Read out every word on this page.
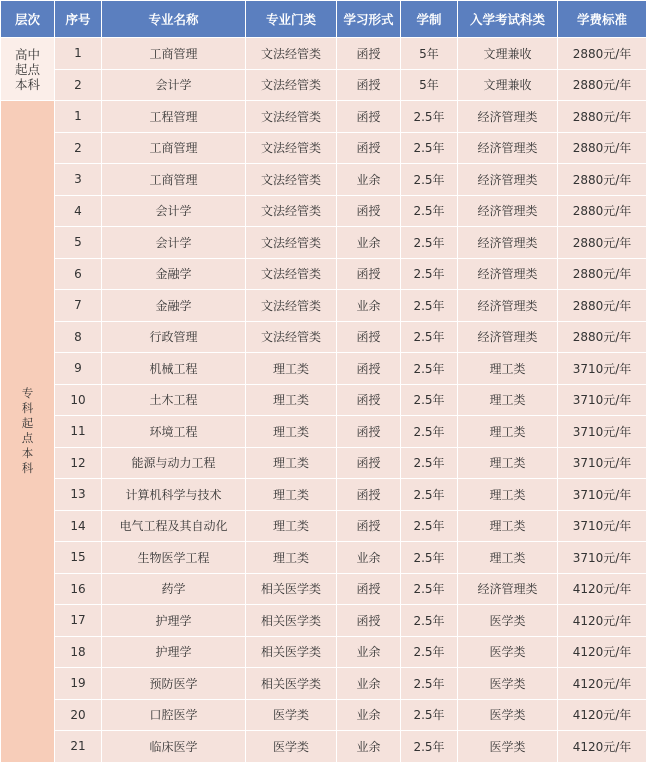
层次	序号	专业名称	专业门类	学习形式	学制	入学考试科类	学费标准
高中起点本科	1	工商管理	文法经管类	函授	5年	文理兼收	2880元/年
	2	会计学	文法经管类	函授	5年	文理兼收	2880元/年
专科起点本科	1	工程管理	文法经管类	函授	2.5年	经济管理类	2880元/年
	2	工商管理	文法经管类	函授	2.5年	经济管理类	2880元/年
	3	工商管理	文法经管类	业余	2.5年	经济管理类	2880元/年
	4	会计学	文法经管类	函授	2.5年	经济管理类	2880元/年
	5	会计学	文法经管类	业余	2.5年	经济管理类	2880元/年
	6	金融学	文法经管类	函授	2.5年	经济管理类	2880元/年
	7	金融学	文法经管类	业余	2.5年	经济管理类	2880元/年
	8	行政管理	文法经管类	函授	2.5年	经济管理类	2880元/年
	9	机械工程	理工类	函授	2.5年	理工类	3710元/年
	10	土木工程	理工类	函授	2.5年	理工类	3710元/年
	11	环境工程	理工类	函授	2.5年	理工类	3710元/年
	12	能源与动力工程	理工类	函授	2.5年	理工类	3710元/年
	13	计算机科学与技术	理工类	函授	2.5年	理工类	3710元/年
	14	电气工程及其自动化	理工类	函授	2.5年	理工类	3710元/年
	15	生物医学工程	理工类	业余	2.5年	理工类	3710元/年
	16	药学	相关医学类	函授	2.5年	经济管理类	4120元/年
	17	护理学	相关医学类	函授	2.5年	医学类	4120元/年
	18	护理学	相关医学类	业余	2.5年	医学类	4120元/年
	19	预防医学	相关医学类	业余	2.5年	医学类	4120元/年
	20	口腔医学	医学类	业余	2.5年	医学类	4120元/年
	21	临床医学	医学类	业余	2.5年	医学类	4120元/年
